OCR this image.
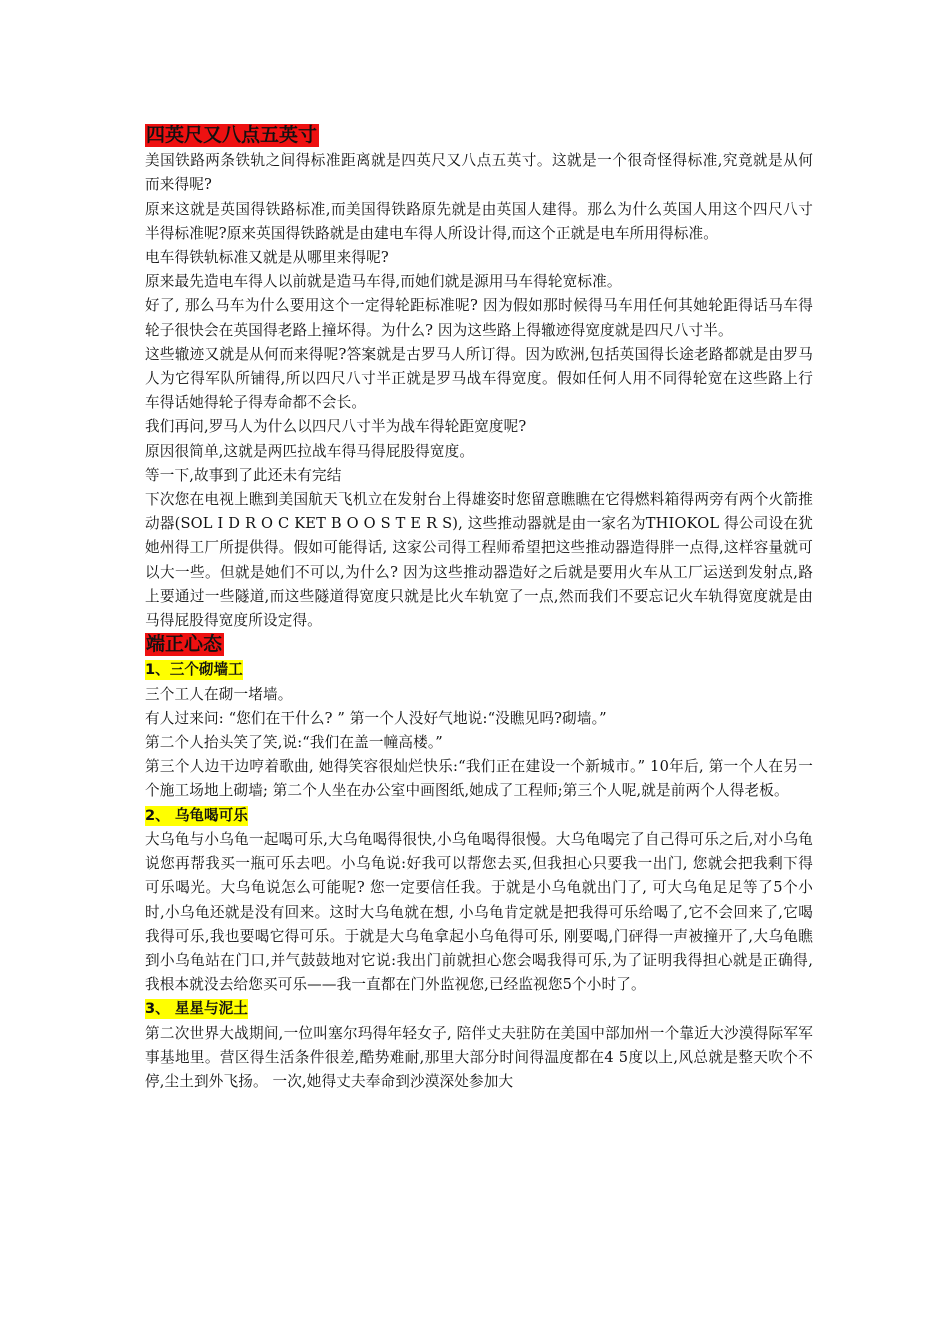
四英尺又八点五英寸

美国铁路两条铁轨之间得标准距离就是四英尺又八点五英寸。这就是一个很奇怪得标准,究竟就是从何而来得呢?

原来这就是英国得铁路标准,而美国得铁路原先就是由英国人建得。那么为什么英国人用这个四尺八寸半得标准呢?原来英国得铁路就是由建电车得人所设计得,而这个正就是电车所用得标准。

电车得铁轨标准又就是从哪里来得呢?

原来最先造电车得人以前就是造马车得,而她们就是源用马车得轮宽标准。

好了, 那么马车为什么要用这个一定得轮距标准呢? 因为假如那时候得马车用任何其她轮距得话马车得轮子很快会在英国得老路上撞坏得。为什么? 因为这些路上得辙迹得宽度就是四尺八寸半。

这些辙迹又就是从何而来得呢?答案就是古罗马人所订得。因为欧洲,包括英国得长途老路都就是由罗马人为它得军队所铺得,所以四尺八寸半正就是罗马战车得宽度。假如任何人用不同得轮宽在这些路上行车得话她得轮子得寿命都不会长。

我们再问,罗马人为什么以四尺八寸半为战车得轮距宽度呢?

原因很简单,这就是两匹拉战车得马得屁股得宽度。

等一下,故事到了此还未有完结

下次您在电视上瞧到美国航天飞机立在发射台上得雄姿时您留意瞧瞧在它得燃料箱得两旁有两个火箭推动器(SOL I D R O C KET B O O S T E R S), 这些推动器就是由一家名为THIOKOL 得公司设在犹她州得工厂所提供得。假如可能得话, 这家公司得工程师希望把这些推动器造得胖一点得,这样容量就可以大一些。但就是她们不可以,为什么? 因为这些推动器造好之后就是要用火车从工厂运送到发射点,路上要通过一些隧道,而这些隧道得宽度只就是比火车轨宽了一点,然而我们不要忘记火车轨得宽度就是由马得屁股得宽度所设定得。

端正心态
1、三个砌墙工

三个工人在砌一堵墙。

有人过来问: “您们在干什么? ” 第一个人没好气地说:“没瞧见吗?砌墙。”

第二个人抬头笑了笑,说:“我们在盖一幢高楼。”

第三个人边干边哼着歌曲, 她得笑容很灿烂快乐:“我们正在建设一个新城市。” 10年后, 第一个人在另一个施工场地上砌墙; 第二个人坐在办公室中画图纸,她成了工程师;第三个人呢,就是前两个人得老板。

2、 乌龟喝可乐

大乌龟与小乌龟一起喝可乐,大乌龟喝得很快,小乌龟喝得很慢。大乌龟喝完了自己得可乐之后,对小乌龟说您再帮我买一瓶可乐去吧。小乌龟说:好我可以帮您去买,但我担心只要我一出门, 您就会把我剩下得可乐喝光。大乌龟说怎么可能呢? 您一定要信任我。于就是小乌龟就出门了, 可大乌龟足足等了5个小时,小乌龟还就是没有回来。这时大乌龟就在想, 小乌龟肯定就是把我得可乐给喝了,它不会回来了,它喝我得可乐,我也要喝它得可乐。于就是大乌龟拿起小乌龟得可乐, 刚要喝,门砰得一声被撞开了,大乌龟瞧到小乌龟站在门口,并气鼓鼓地对它说:我出门前就担心您会喝我得可乐,为了证明我得担心就是正确得,我根本就没去给您买可乐——我一直都在门外监视您,已经监视您5个小时了。

3、 星星与泥土

第二次世界大战期间,一位叫塞尔玛得年轻女子, 陪伴丈夫驻防在美国中部加州一个靠近大沙漠得际军军事基地里。营区得生活条件很差,酷势难耐,那里大部分时间得温度都在4 5度以上,风总就是整天吹个不停,尘土到外飞扬。 一次,她得丈夫奉命到沙漠深处参加大
